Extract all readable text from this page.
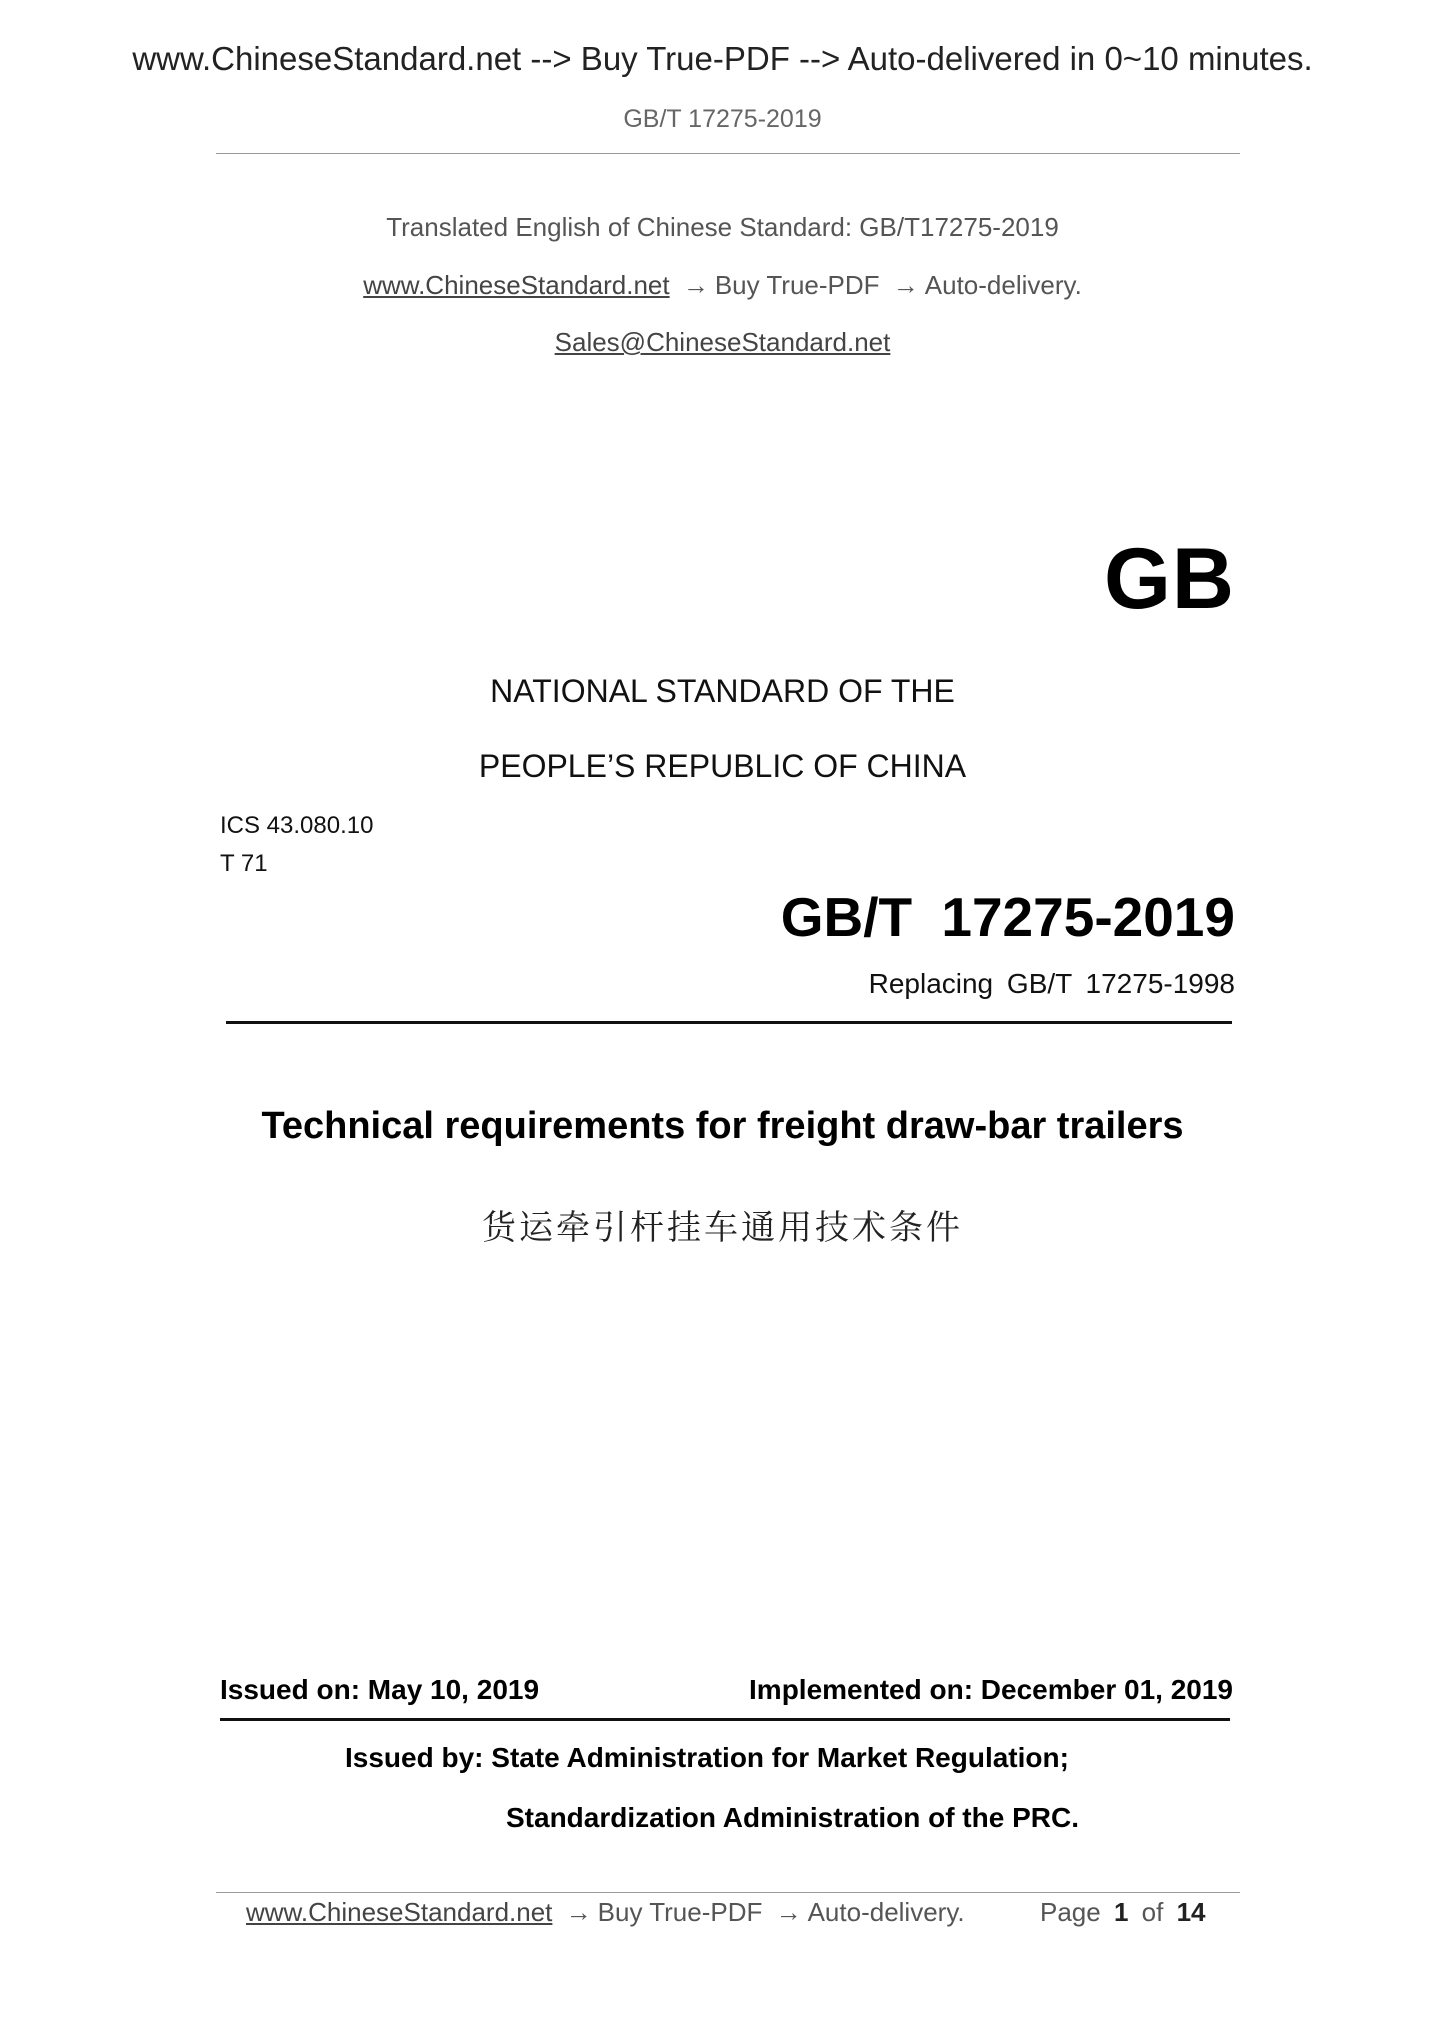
www.ChineseStandard.net --> Buy True-PDF --> Auto-delivered in 0~10 minutes.
GB/T 17275-2019
Translated English of Chinese Standard: GB/T17275-2019
www.ChineseStandard.net → Buy True-PDF → Auto-delivery.
Sales@ChineseStandard.net
GB
NATIONAL STANDARD OF THE
PEOPLE’S REPUBLIC OF CHINA
ICS 43.080.10
T 71
GB/T 17275-2019
Replacing GB/T 17275-1998
Technical requirements for freight draw-bar trailers
货运牵引杆挂车通用技术条件
Issued on: May 10, 2019	Implemented on: December 01, 2019
Issued by: State Administration for Market Regulation;
Standardization Administration of the PRC.
www.ChineseStandard.net → Buy True-PDF → Auto-delivery.	Page 1 of 14
